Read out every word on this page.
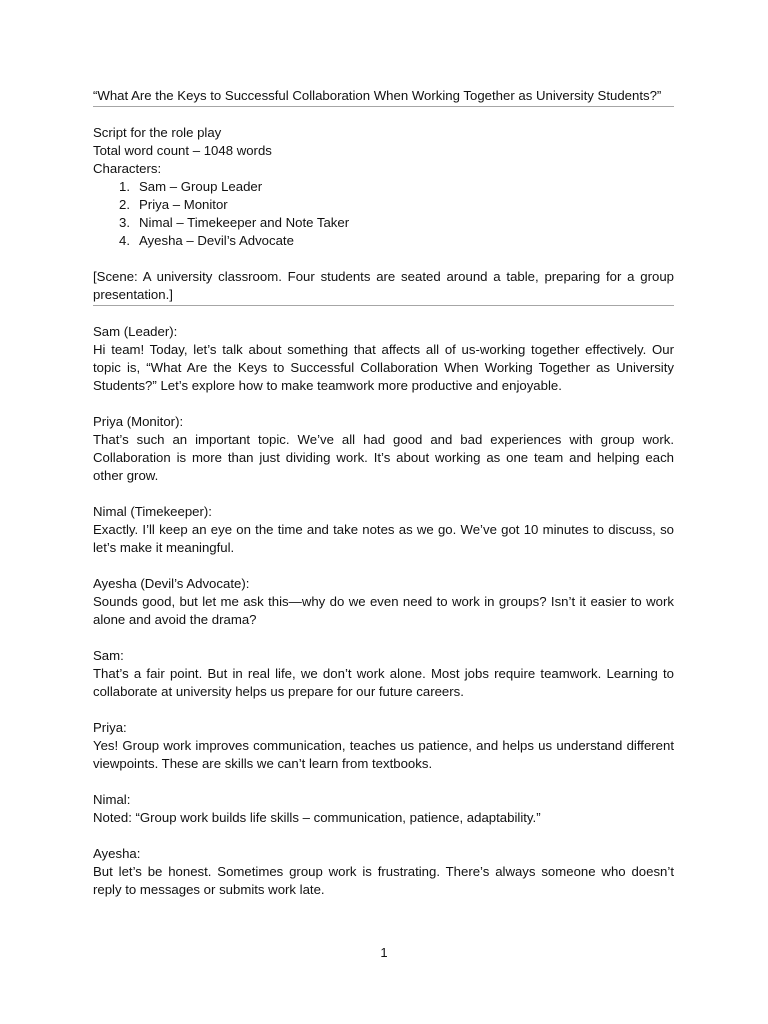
“What Are the Keys to Successful Collaboration When Working Together as University Students?”

Script for the role play

Total word count – 1048 words

Characters:

1. Sam – Group Leader
2. Priya – Monitor
3. Nimal – Timekeeper and Note Taker
4. Ayesha – Devil’s Advocate

[Scene: A university classroom. Four students are seated around a table, preparing for a group presentation.]

Sam (Leader):

Hi team! Today, let’s talk about something that affects all of us-working together effectively. Our topic is, “What Are the Keys to Successful Collaboration When Working Together as University Students?” Let’s explore how to make teamwork more productive and enjoyable.

Priya (Monitor):

That’s such an important topic. We’ve all had good and bad experiences with group work. Collaboration is more than just dividing work. It’s about working as one team and helping each other grow.

Nimal (Timekeeper):

Exactly. I’ll keep an eye on the time and take notes as we go. We’ve got 10 minutes to discuss, so let’s make it meaningful.

Ayesha (Devil’s Advocate):

Sounds good, but let me ask this—why do we even need to work in groups? Isn’t it easier to work alone and avoid the drama?

Sam:

That’s a fair point. But in real life, we don’t work alone. Most jobs require teamwork. Learning to collaborate at university helps us prepare for our future careers.

Priya:

Yes! Group work improves communication, teaches us patience, and helps us understand different viewpoints. These are skills we can’t learn from textbooks.

Nimal:

Noted: “Group work builds life skills – communication, patience, adaptability.”

Ayesha:

But let’s be honest. Sometimes group work is frustrating. There’s always someone who doesn’t reply to messages or submits work late.

1
